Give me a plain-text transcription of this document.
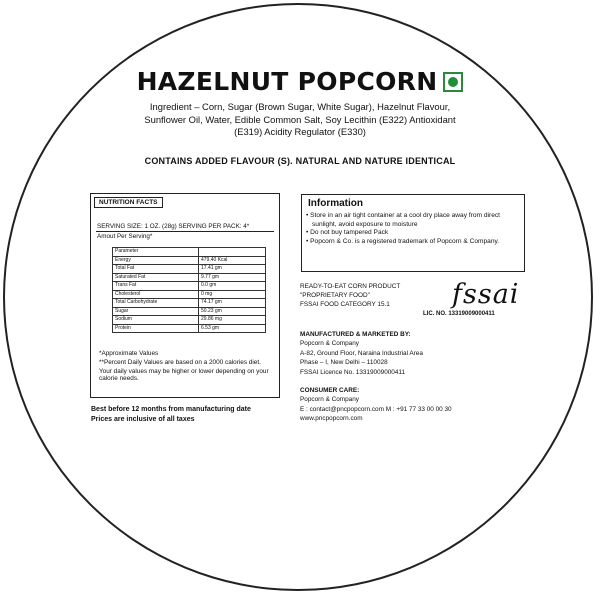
HAZELNUT POPCORN
Ingredient – Corn, Sugar (Brown Sugar, White Sugar), Hazelnut Flavour,
Sunflower Oil, Water, Edible Common Salt, Soy Lecithin (E322) Antioxidant
(E319) Acidity Regulator (E330)
CONTAINS ADDED FLAVOUR (S). NATURAL AND NATURE IDENTICAL
NUTRITION FACTS
SERVING SIZE: 1 OZ. (28g) SERVING PER PACK: 4*
Amout Per Serving*
Parameter	
Energy	479.40 Kcal
Total Fat	17.41 gm
Saturated Fat	9.77 gm
Trans Fat	0.0 gm
Cholesterol	0 mg
Total Carbohydrate	74.17 gm
Sugar	50.23 gm
Sodium	29.86 mg
Protein	6.53 gm

*Approximate Values

**Percent Daily Values are based on a 2000 calories diet.

Your daily values may be higher or lower depending on your calorie needs.

Best before 12 months from manufacturing date
Prices are inclusive of all taxes
Information
• Store in an air tight container at a cool dry place away from direct sunlight, avoid exposure to moisture
• Do not buy tampered Pack
• Popcorn & Co. is a registered trademark of Popcorn & Company.
READY-TO-EAT CORN PRODUCT
"PROPRIETARY FOOD"
FSSAI FOOD CATEGORY 15.1	fssai
LIC. NO. 13319009000411
MANUFACTURED & MARKETED BY:
Popcorn & Company
A-82, Ground Floor, Naraina Industrial Area
Phase – I, New Delhi – 110028
FSSAI Licence No. 13319009000411
CONSUMER CARE:
Popcorn & Company
E : contact@pncpopcorn.com M : +91 77 33 00 00 30
www.pncpopcorn.com
